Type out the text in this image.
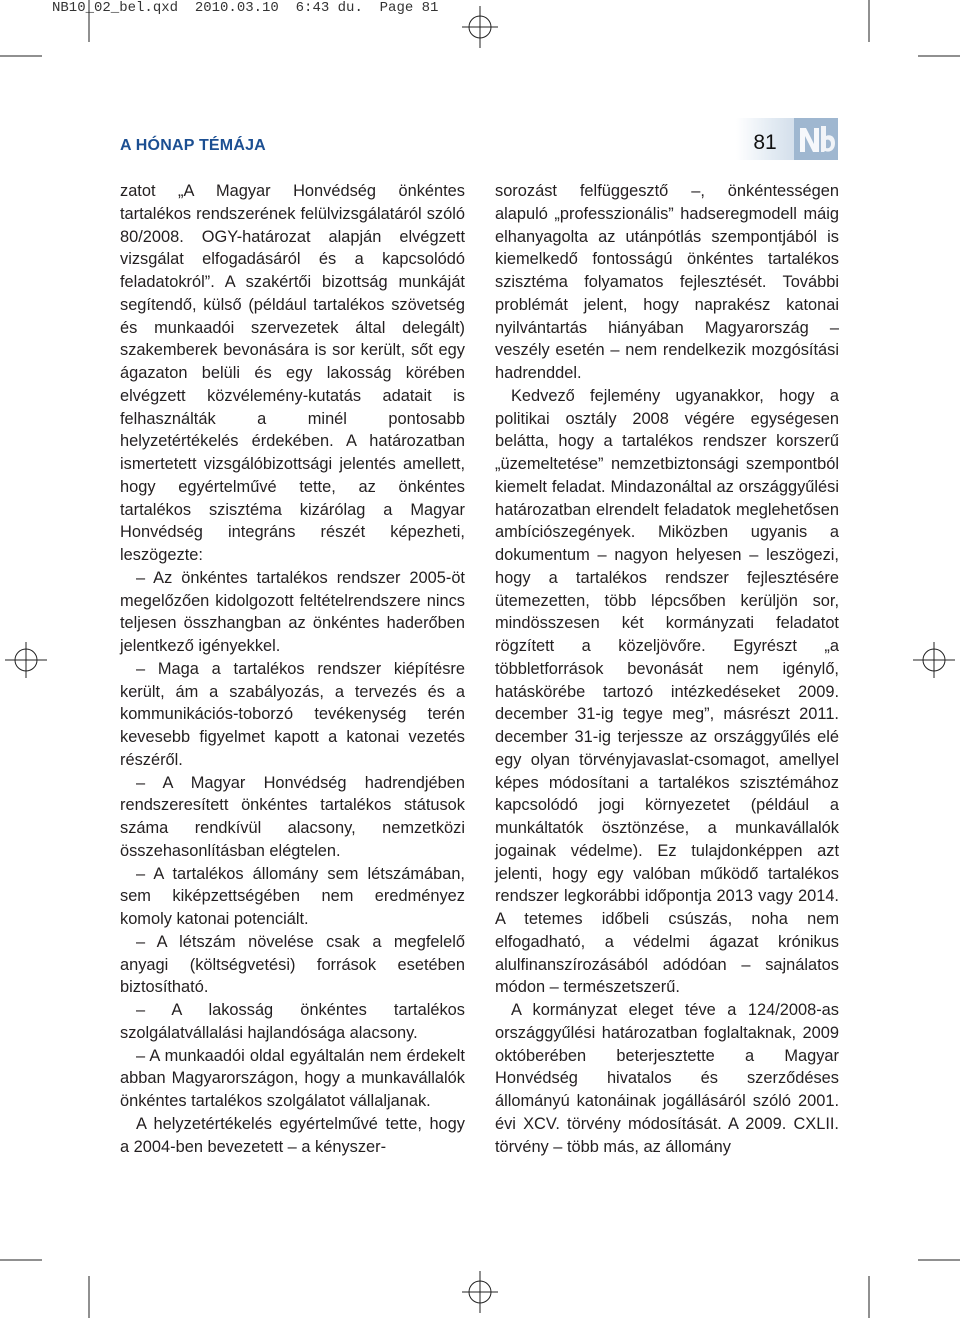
NB10_02_bel.qxd  2010.03.10  6:43 du.  Page 81
A HÓNAP TÉMÁJA	81

zatot „A Magyar Honvédség önkéntes tartalékos rendszerének felülvizsgálatáról szóló 80/2008. OGY-határozat alapján elvégzett vizsgálat elfogadásáról és a kapcsolódó feladatokról”. A szakértői bizottság munkáját segítendő, külső (például tartalékos szövetség és munkaadói szervezetek által delegált) szakemberek bevonására is sor került, sőt egy ágazaton belüli és egy lakosság körében elvégzett közvélemény-kutatás adatait is felhasználták a minél pontosabb helyzetértékelés érdekében. A határozatban ismertetett vizsgálóbizottsági jelentés amellett, hogy egyértelművé tette, az önkéntes tartalékos szisztéma kizárólag a Magyar Honvédség integráns részét képezheti, leszögezte:

– Az önkéntes tartalékos rendszer 2005-öt megelőzően kidolgozott feltételrendszere nincs teljesen összhangban az önkéntes haderőben jelentkező igényekkel.

– Maga a tartalékos rendszer kiépítésre került, ám a szabályozás, a tervezés és a kommunikációs-toborzó tevékenység terén kevesebb figyelmet kapott a katonai vezetés részéről.

– A Magyar Honvédség hadrendjében rendszeresített önkéntes tartalékos státusok száma rendkívül alacsony, nemzetközi összehasonlításban elégtelen.

– A tartalékos állomány sem létszámában, sem kiképzettségében nem eredményez komoly katonai potenciált.

– A létszám növelése csak a megfelelő anyagi (költségvetési) források esetében biztosítható.

– A lakosság önkéntes tartalékos szolgálatvállalási hajlandósága alacsony.

– A munkaadói oldal egyáltalán nem érdekelt abban Magyarországon, hogy a munkavállalók önkéntes tartalékos szolgálatot vállaljanak.

A helyzetértékelés egyértelművé tette, hogy a 2004-ben bevezetett – a kényszer-

sorozást felfüggesztő –, önkéntességen alapuló „professzionális” hadseregmodell máig elhanyagolta az utánpótlás szempontjából is kiemelkedő fontosságú önkéntes tartalékos szisztéma folyamatos fejlesztését. További problémát jelent, hogy naprakész katonai nyilvántartás hiányában Magyarország – veszély esetén – nem rendelkezik mozgósítási hadrenddel.

Kedvező fejlemény ugyanakkor, hogy a politikai osztály 2008 végére egységesen belátta, hogy a tartalékos rendszer korszerű „üzemeltetése” nemzetbiztonsági szempontból kiemelt feladat. Mindazonáltal az országgyűlési határozatban elrendelt feladatok meglehetősen ambíciószegények. Miközben ugyanis a dokumentum – nagyon helyesen – leszögezi, hogy a tartalékos rendszer fejlesztésére ütemezetten, több lépcsőben kerüljön sor, mindösszesen két kormányzati feladatot rögzített a közeljövőre. Egyrészt „a többletforrások bevonását nem igénylő, hatáskörébe tartozó intézkedéseket 2009. december 31-ig tegye meg”, másrészt 2011. december 31-ig terjessze az országgyűlés elé egy olyan törvényjavaslat-csomagot, amellyel képes módosítani a tartalékos szisztémához kapcsolódó jogi környezetet (például a munkáltatók ösztönzése, a munkavállalók jogainak védelme). Ez tulajdonképpen azt jelenti, hogy egy valóban működő tartalékos rendszer legkorábbi időpontja 2013 vagy 2014. A tetemes időbeli csúszás, noha nem elfogadható, a védelmi ágazat krónikus alulfinanszírozásából adódóan – sajnálatos módon – természetszerű.

A kormányzat eleget téve a 124/2008-as országgyűlési határozatban foglaltaknak, 2009 októberében beterjesztette a Magyar Honvédség hivatalos és szerződéses állományú katonáinak jogállásáról szóló 2001. évi XCV. törvény módosítását. A 2009. CXLII. törvény – több más, az állomány
